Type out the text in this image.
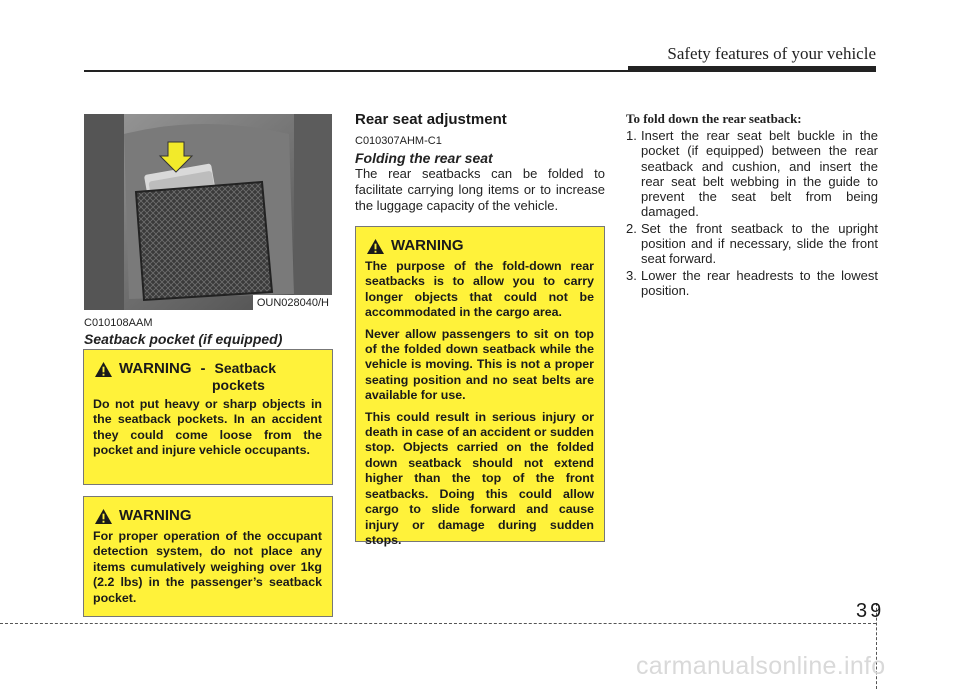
Safety features of your vehicle
OUN028040/H
C010108AAM
Seatback pocket (if equipped)
WARNING - Seatback
pockets

Do not put heavy or sharp objects in the seatback pockets. In an accident they could come loose from the pocket and injure vehicle occupants.

WARNING

For proper operation of the occupant detection system, do not place any items cumulatively weighing over 1kg (2.2 lbs) in the passenger’s seatback pocket.

Rear seat adjustment
C010307AHM-C1
Folding the rear seat
The rear seatbacks can be folded to facilitate carrying long items or to increase the luggage capacity of the vehicle.
WARNING

The purpose of the fold-down rear seatbacks is to allow you to carry longer objects that could not be accommodated in the cargo area.

Never allow passengers to sit on top of the folded down seatback while the vehicle is moving. This is not a proper seating position and no seat belts are available for use.

This could result in serious injury or death in case of an accident or sudden stop. Objects carried on the folded down seatback should not extend higher than the top of the front seatbacks. Doing this could allow cargo to slide forward and cause injury or damage during sudden stops.

To fold down the rear seatback:
1. Insert the rear seat belt buckle in the pocket (if equipped) between the rear seatback and cushion, and insert the rear seat belt webbing in the guide to prevent the seat belt from being damaged.
2. Set the front seatback to the upright position and if necessary, slide the front seat forward.
3. Lower the rear headrests to the lowest position.
39
carmanualsonline.info
